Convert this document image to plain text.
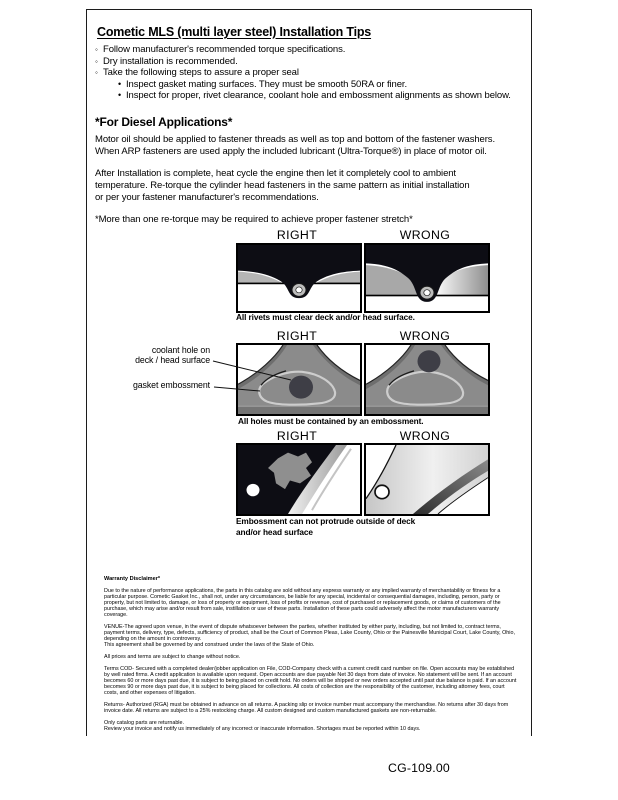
Cometic MLS (multi layer steel) Installation Tips
◦ Follow manufacturer's recommended torque specifications.
◦ Dry installation is recommended.
◦ Take the following steps to assure a proper seal
• Inspect gasket mating surfaces. They must be smooth 50RA or finer.
• Inspect for proper, rivet clearance, coolant hole and embossment alignments as shown below.
*For Diesel Applications*

Motor oil should be applied to fastener threads as well as top and bottom of the fastener washers.
When ARP fasteners are used apply the included lubricant (Ultra-Torque®) in place of motor oil.

After Installation is complete, heat cycle the engine then let it completely cool to ambient
temperature. Re-torque the cylinder head fasteners in the same pattern as initial installation
or per your fastener manufacturer's recommendations.

*More than one re-torque may be required to achieve proper fastener stretch*

RIGHT	WRONG
All rivets must clear deck and/or head surface.
RIGHT	WRONG
coolant hole on
deck / head surface
gasket embossment
All holes must be contained by an embossment.
RIGHT	WRONG
Embossment can not protrude outside of deck
and/or head surface
Warranty Disclaimer*
Due to the nature of performance applications, the parts in this catalog are sold without any express warranty or any implied warranty of merchantability or fitness for a particular purpose. Cometic Gasket Inc., shall not, under any circumstances, be liable for any special, incidental or consequential damages, including, person, party or property, but not limited to, damage, or loss of property or equipment, loss of profits or revenue, cost of purchased or replacement goods, or claims of customers of the purchase, which may arise and/or result from sale, instillation or use of these parts. Installation of these parts could adversely affect the motor manufacturers warranty coverage.
VENUE-The agreed upon venue, in the event of dispute whatsoever between the parties, whether instituted by either party, including, but not limited to, contract terms, payment terms, delivery, type, defects, sufficiency of product, shall be the Court of Common Pleas, Lake County, Ohio or the Painesville Municipal Court, Lake County, Ohio, depending on the amount in controversy.
This agreement shall be governed by and construed under the laws of the State of Ohio.
All prices and terms are subject to change without notice.
Terms COD- Secured with a completed dealer/jobber application on File, COD-Company check with a current credit card number on file. Open accounts may be established by well rated firms. A credit application is available upon request. Open accounts are due payable Net 30 days from date of invoice. No statement will be sent. If an account becomes 60 or more days past due, it is subject to being placed on credit hold. No orders will be shipped or new orders accepted until past due balance is paid. If an account becomes 90 or more days past due, it is subject to being placed for collections. All costs of collection are the responsibility of the customer, including attorney fees, court costs, and other expenses of litigation.
Returns- Authorized (RGA) must be obtained in advance on all returns. A packing slip or invoice number must accompany the merchandise. No returns after 30 days from invoice date. All returns are subject to a 25% restocking charge. All custom designed and custom manufactured gaskets are non-returnable.
Only catalog parts are returnable.
Review your invoice and notify us immediately of any incorrect or inaccurate information. Shortages must be reported within 10 days.
CG-109.00
